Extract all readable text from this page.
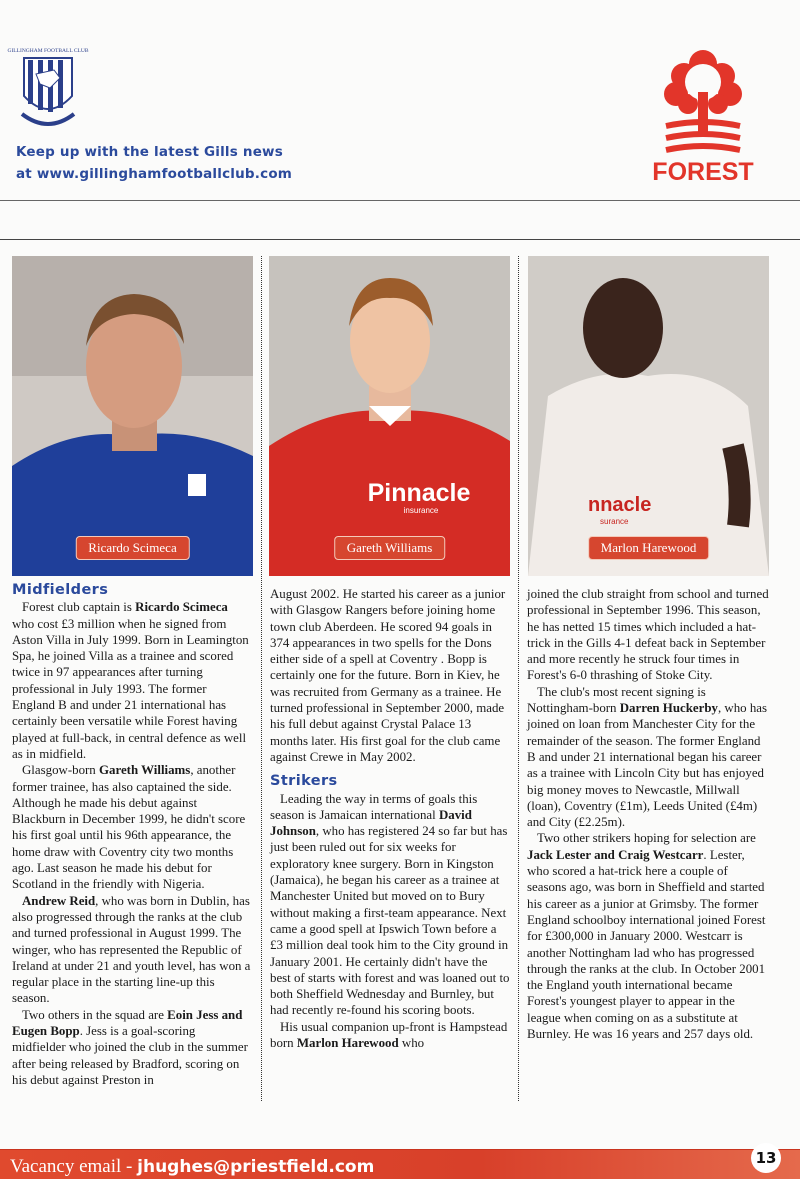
GILLINGHAM FOOTBALL CLUB
Keep up with the latest Gills news
at www.gillinghamfootballclub.com	FOREST
Ricardo Scimeca
Pinnacle
insurance
Gareth Williams
nnacle
surance
Marlon Harewood
Midfielders

Forest club captain is Ricardo Scimeca who cost £3 million when he signed from Aston Villa in July 1999. Born in Leamington Spa, he joined Villa as a trainee and scored twice in 97 appearances after turning professional in July 1993. The former England B and under 21 international has certainly been versatile while Forest having played at full-back, in central defence as well as in midfield.

Glasgow-born Gareth Williams, another former trainee, has also captained the side. Although he made his debut against Blackburn in December 1999, he didn't score his first goal until his 96th appearance, the home draw with Coventry city two months ago. Last season he made his debut for Scotland in the friendly with Nigeria.

Andrew Reid, who was born in Dublin, has also progressed through the ranks at the club and turned professional in August 1999. The winger, who has represented the Republic of Ireland at under 21 and youth level, has won a regular place in the starting line-up this season.

Two others in the squad are Eoin Jess and Eugen Bopp. Jess is a goal-scoring midfielder who joined the club in the summer after being released by Bradford, scoring on his debut against Preston in

August 2002. He started his career as a junior with Glasgow Rangers before joining home town club Aberdeen. He scored 94 goals in 374 appearances in two spells for the Dons either side of a spell at Coventry . Bopp is certainly one for the future. Born in Kiev, he was recruited from Germany as a trainee. He turned professional in September 2000, made his full debut against Crystal Palace 13 months later. His first goal for the club came against Crewe in May 2002.

Strikers

Leading the way in terms of goals this season is Jamaican international David Johnson, who has registered 24 so far but has just been ruled out for six weeks for exploratory knee surgery. Born in Kingston (Jamaica), he began his career as a trainee at Manchester United but moved on to Bury without making a first-team appearance. Next came a good spell at Ipswich Town before a £3 million deal took him to the City ground in January 2001. He certainly didn't have the best of starts with forest and was loaned out to both Sheffield Wednesday and Burnley, but had recently re-found his scoring boots.

His usual companion up-front is Hampstead born Marlon Harewood who

joined the club straight from school and turned professional in September 1996. This season, he has netted 15 times which included a hat-trick in the Gills 4-1 defeat back in September and more recently he struck four times in Forest's 6-0 thrashing of Stoke City.

The club's most recent signing is Nottingham-born Darren Huckerby, who has joined on loan from Manchester City for the remainder of the season. The former England B and under 21 international began his career as a trainee with Lincoln City but has enjoyed big money moves to Newcastle, Millwall (loan), Coventry (£1m), Leeds United (£4m) and City (£2.25m).

Two other strikers hoping for selection are Jack Lester and Craig Westcarr. Lester, who scored a hat-trick here a couple of seasons ago, was born in Sheffield and started his career as a junior at Grimsby. The former England schoolboy international joined Forest for £300,000 in January 2000. Westcarr is another Nottingham lad who has progressed through the ranks at the club. In October 2001 the England youth international became Forest's youngest player to appear in the league when coming on as a substitute at Burnley. He was 16 years and 257 days old.

Vacancy email - jhughes@priestfield.com	13
